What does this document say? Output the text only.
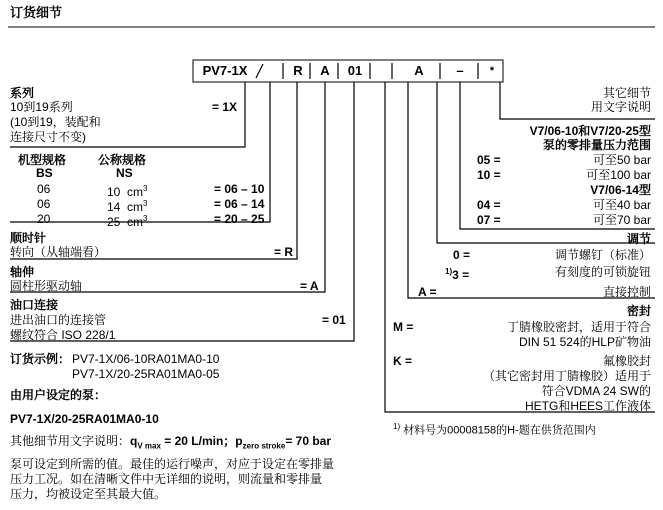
订货细节
PV7-1X	R	A	01	A	–	*
系列
10到19系列	= 1X
(10到19，装配和
连接尺寸不变)
机型规格
BS
公称规格
NS
06	10 $cm^3$	= 06 – 10
06	14 $cm^3$	= 06 – 14
20	25 $cm^3$	= 20 – 25
顺时针
转向（从轴端看）	= R
轴伸
圆柱形驱动轴	= A
油口连接
进出油口的连接管	= 01
螺纹符合 ISO 228/1
订货示例： PV7-1X/06-10RA01MA0-10
PV7-1X/20-25RA01MA0-05
由用户设定的泵：
PV7-1X/20-25RA01MA0-10
其他细节用文字说明：$q_{V max} = 20$ L/min；$p_{zero stroke}= 70$ bar
泵可设定到所需的值。最佳的运行噪声，对应于设定在零排量
压力工况。如在清晰文件中无详细的说明，则流量和零排量
压力，均被设定至其最大值。
其它细节
用文字说明
V7/06-10和V7/20-25型
泵的零排量压力范围
05 =	可至50 bar
10 =	可至100 bar
V7/06-14型
04 =	可至40 bar
07 =	可至70 bar
调节
0 =	调节螺钉（标准）
$^{1)}$3 =	有刻度的可锁旋钮
A =	直接控制
密封
M =	丁腈橡胶密封，适用于符合
DIN 51 524的HLP矿物油
K =	氟橡胶封
（其它密封用丁腈橡胶）适用于
符合VDMA 24 SW的
HETG和HEES工作液体
$^{1)}$ 材料号为00008158的H-题在供货范围内
